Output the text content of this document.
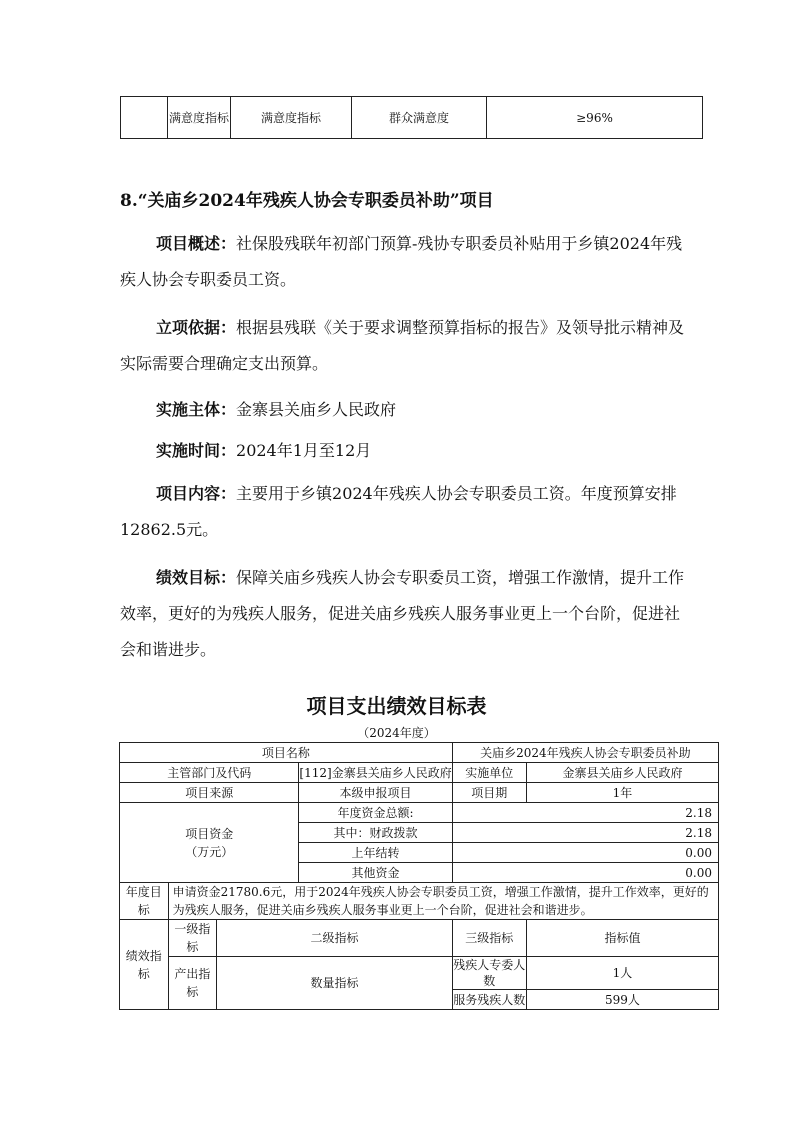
	满意度指标	满意度指标	群众满意度	≥96%
8.“关庙乡2024年残疾人协会专职委员补助”项目
项目概述：社保股残联年初部门预算-残协专职委员补贴用于乡镇2024年残疾人协会专职委员工资。
立项依据：根据县残联《关于要求调整预算指标的报告》及领导批示精神及实际需要合理确定支出预算。
实施主体：金寨县关庙乡人民政府
实施时间：2024年1月至12月
项目内容：主要用于乡镇2024年残疾人协会专职委员工资。年度预算安排12862.5元。
绩效目标：保障关庙乡残疾人协会专职委员工资，增强工作激情，提升工作效率，更好的为残疾人服务，促进关庙乡残疾人服务事业更上一个台阶，促进社会和谐进步。
项目支出绩效目标表
（2024年度）
项目名称				关庙乡2024年残疾人协会专职委员补助	
主管部门及代码			[112]金寨县关庙乡人民政府	实施单位	金寨县关庙乡人民政府
项目来源			本级申报项目	项目期	1年

项目资金
（万元）			年度资金总额:	2.18	
			其中：财政拨款	2.18	
			上年结转	0.00	
			其他资金	0.00	
年度目标	申请资金21780.6元，用于2024年残疾人协会专职委员工资，增强工作激情，提升工作效率，更好的为残疾人服务，促进关庙乡残疾人服务事业更上一个台阶，促进社会和谐进步。				
绩效指标	一级指标	二级指标		三级指标	指标值
	产出指标	数量指标		残疾人专委人数	1人
				服务残疾人数	599人
